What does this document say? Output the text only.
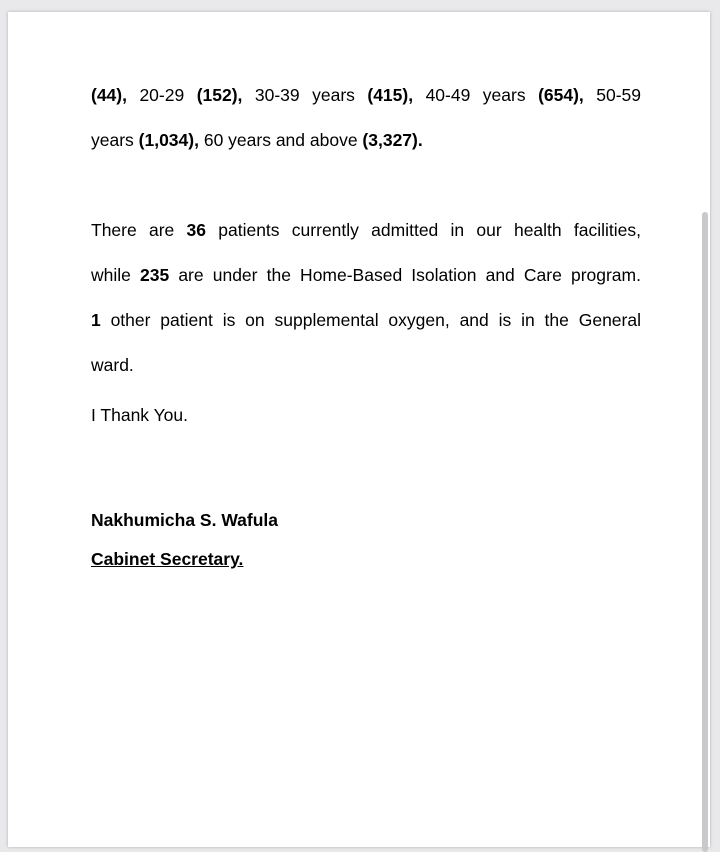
(44), 20-29 (152), 30-39 years (415), 40-49 years (654), 50-59

years (1,034), 60 years and above (3,327).

There are 36 patients currently admitted in our health facilities,

while 235 are under the Home-Based Isolation and Care program.

1 other patient is on supplemental oxygen, and is in the General

ward.

I Thank You.

Nakhumicha S. Wafula

Cabinet Secretary.
